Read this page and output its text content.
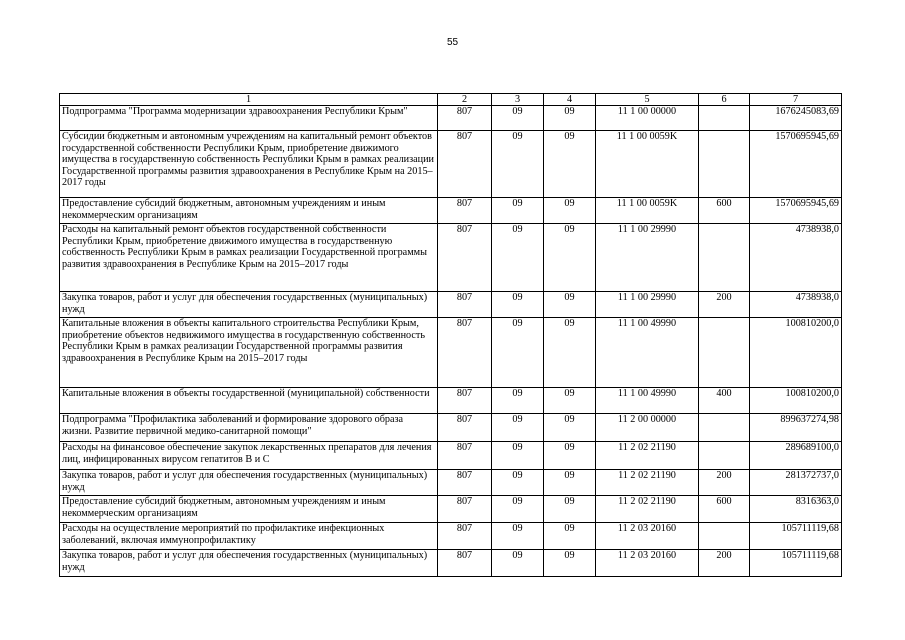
55
1	2	3	4	5	6	7
Подпрограмма "Программа модернизации здравоохранения Республики Крым"	807	09	09	11 1 00 00000		1676245083,69
Субсидии бюджетным и автономным учреждениям на капитальный ремонт объектов государственной собственности Республики Крым, приобретение движимого имущества в государственную собственность Республики Крым в рамках реализации Государственной программы развития здравоохранения в Республике Крым на 2015–2017 годы	807	09	09	11 1 00 0059K		1570695945,69
Предоставление субсидий бюджетным, автономным учреждениям и иным некоммерческим организациям	807	09	09	11 1 00 0059K	600	1570695945,69
Расходы на капитальный ремонт объектов государственной собственности Республики Крым, приобретение движимого имущества в государственную собственность Республики Крым в рамках реализации Государственной программы развития здравоохранения в Республике Крым на 2015–2017 годы	807	09	09	11 1 00 29990		4738938,0
Закупка товаров, работ и услуг для обеспечения государственных (муниципальных) нужд	807	09	09	11 1 00 29990	200	4738938,0
Капитальные вложения в объекты капитального строительства Республики Крым, приобретение объектов недвижимого имущества в государственную собственность Республики Крым в рамках реализации Государственной программы развития здравоохранения в Республике Крым на 2015–2017 годы	807	09	09	11 1 00 49990		100810200,0
Капитальные вложения в объекты государственной (муниципальной) собственности	807	09	09	11 1 00 49990	400	100810200,0
Подпрограмма "Профилактика заболеваний и формирование здорового образа жизни. Развитие первичной медико-санитарной помощи"	807	09	09	11 2 00 00000		899637274,98
Расходы на финансовое обеспечение закупок лекарственных препаратов для лечения лиц, инфицированных вирусом гепатитов В и С	807	09	09	11 2 02 21190		289689100,0
Закупка товаров, работ и услуг для обеспечения государственных (муниципальных) нужд	807	09	09	11 2 02 21190	200	281372737,0
Предоставление субсидий бюджетным, автономным учреждениям и иным некоммерческим организациям	807	09	09	11 2 02 21190	600	8316363,0
Расходы на осуществление мероприятий по профилактике инфекционных заболеваний, включая иммунопрофилактику	807	09	09	11 2 03 20160		105711119,68
Закупка товаров, работ и услуг для обеспечения государственных (муниципальных) нужд	807	09	09	11 2 03 20160	200	105711119,68
